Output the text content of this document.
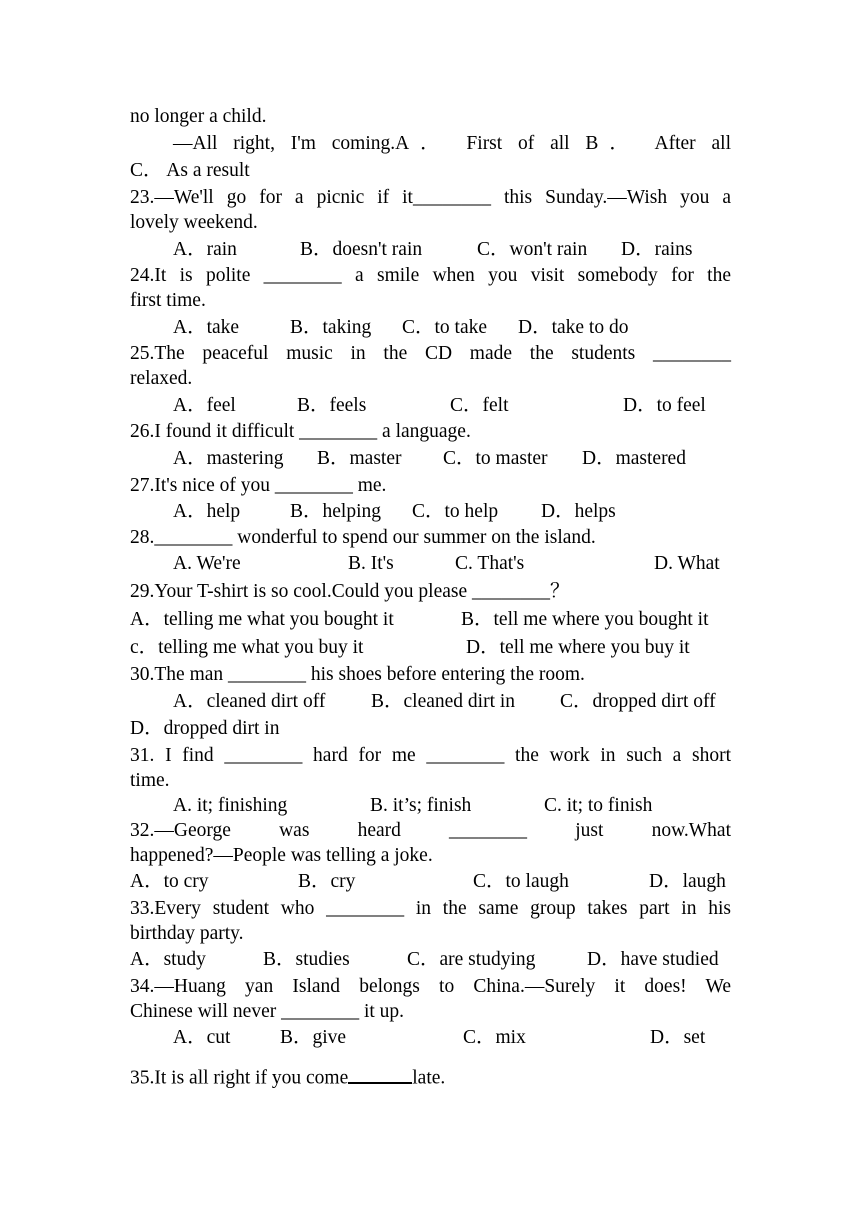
no longer a child.
—All right, I'm coming.A． First of all B． After all
C． As a result
23.—We'll go for a picnic if it________ this Sunday.—Wish you a
lovely weekend.
A．rain	B．doesn't rain	C．won't rain D．rains
24.It is polite ________ a smile when you visit somebody for the
first time.
A．take	B．taking C．to take D．take to do
25.The peaceful music in the CD made the students ________
relaxed.
A．feel	B．feels	C．felt	D．to feel
26.I found it difficult ________ a language.
A．mastering B．master C．to master D．mastered
27.It's nice of you ________ me.
A．help	B．helping C．to help D．helps
28.________ wonderful to spend our summer on the island.
A. We're	B. It's	C. That's	D. What
29.Your T-shirt is so cool.Could you please ________？
A．telling me what you bought it	B．tell me where you bought it
c．telling me what you buy it	D．tell me where you buy it
30.The man ________ his shoes before entering the room.
A．cleaned dirt off B．cleaned dirt in C．dropped dirt off
D．dropped dirt in
31. I find ________ hard for me ________ the work in such a short
time.
A. it; finishing	B. it’s; finish	C. it; to finish
32.—George was heard ________ just now.What
happened?—People was telling a joke.
A．to cry	B．cry	C．to laugh	D．laugh
33.Every student who ________ in the same group takes part in his
birthday party.
A．study	B．studies	C．are studying	D．have studied
34.—Huang yan Island belongs to China.—Surely it does! We
Chinese will never ________ it up.
A．cut	B．give	C．mix	D．set
35.It is all right if you come	late.
